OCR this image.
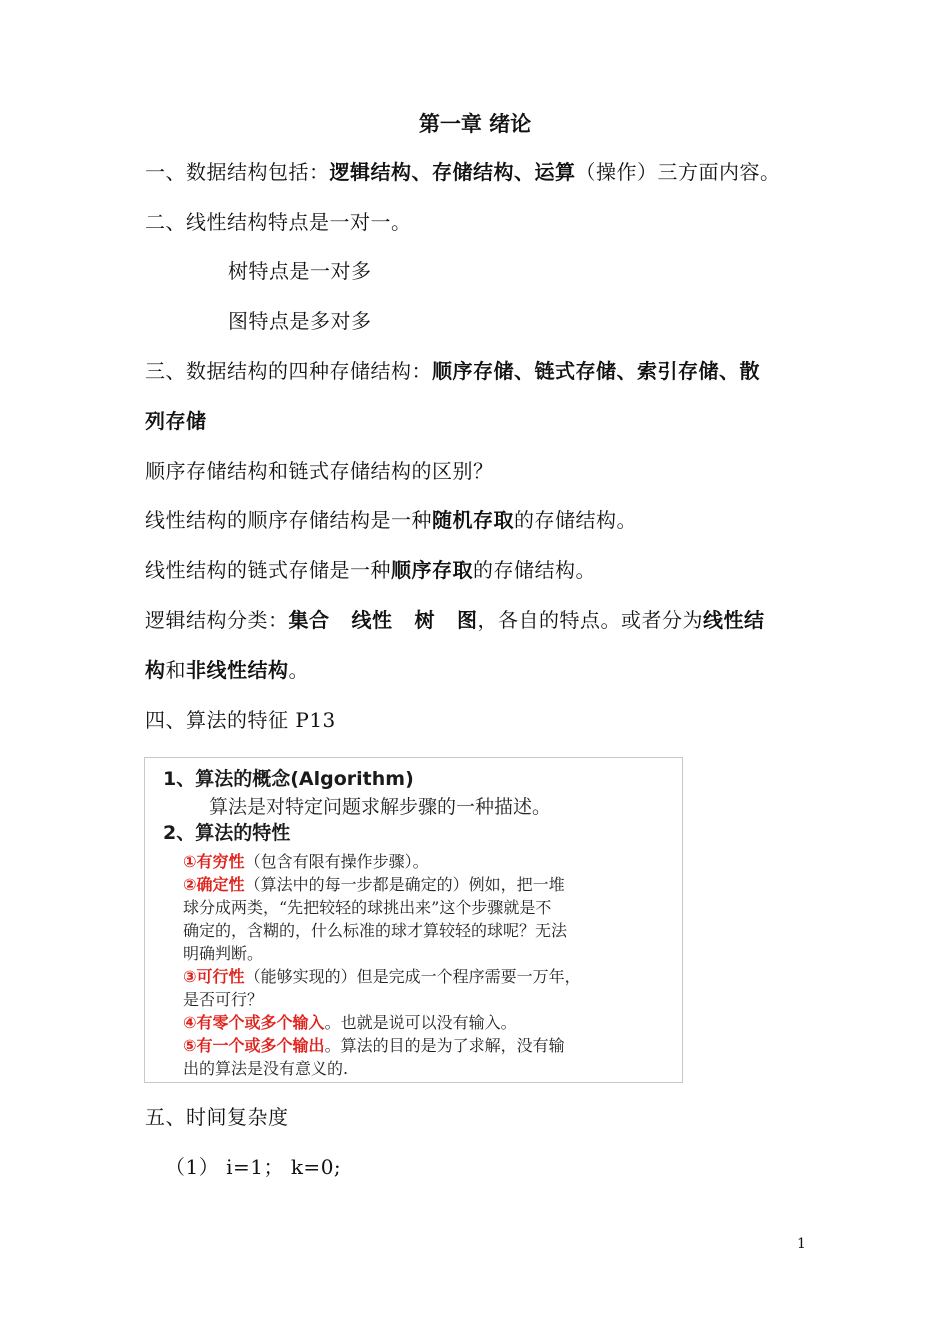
第一章 绪论
一、数据结构包括：逻辑结构、存储结构、运算（操作）三方面内容。
二、线性结构特点是一对一。
树特点是一对多
图特点是多对多
三、数据结构的四种存储结构：顺序存储、链式存储、索引存储、散
列存储
顺序存储结构和链式存储结构的区别？
线性结构的顺序存储结构是一种随机存取的存储结构。
线性结构的链式存储是一种顺序存取的存储结构。
逻辑结构分类：集合 线性 树 图，各自的特点。或者分为线性结
构和非线性结构。
四、算法的特征 P13
1、算法的概念(Algorithm)
算法是对特定问题求解步骤的一种描述。
2、算法的特性
①有穷性（包含有限有操作步骤）。
②确定性（算法中的每一步都是确定的）例如，把一堆
球分成两类，“先把较轻的球挑出来”这个步骤就是不
确定的，含糊的，什么标准的球才算较轻的球呢？无法
明确判断。
③可行性（能够实现的）但是完成一个程序需要一万年，
是否可行？
④有零个或多个输入。也就是说可以没有输入。
⑤有一个或多个输出。算法的目的是为了求解，没有输
出的算法是没有意义的.
五、时间复杂度
（1） i=1； k=0;
1
